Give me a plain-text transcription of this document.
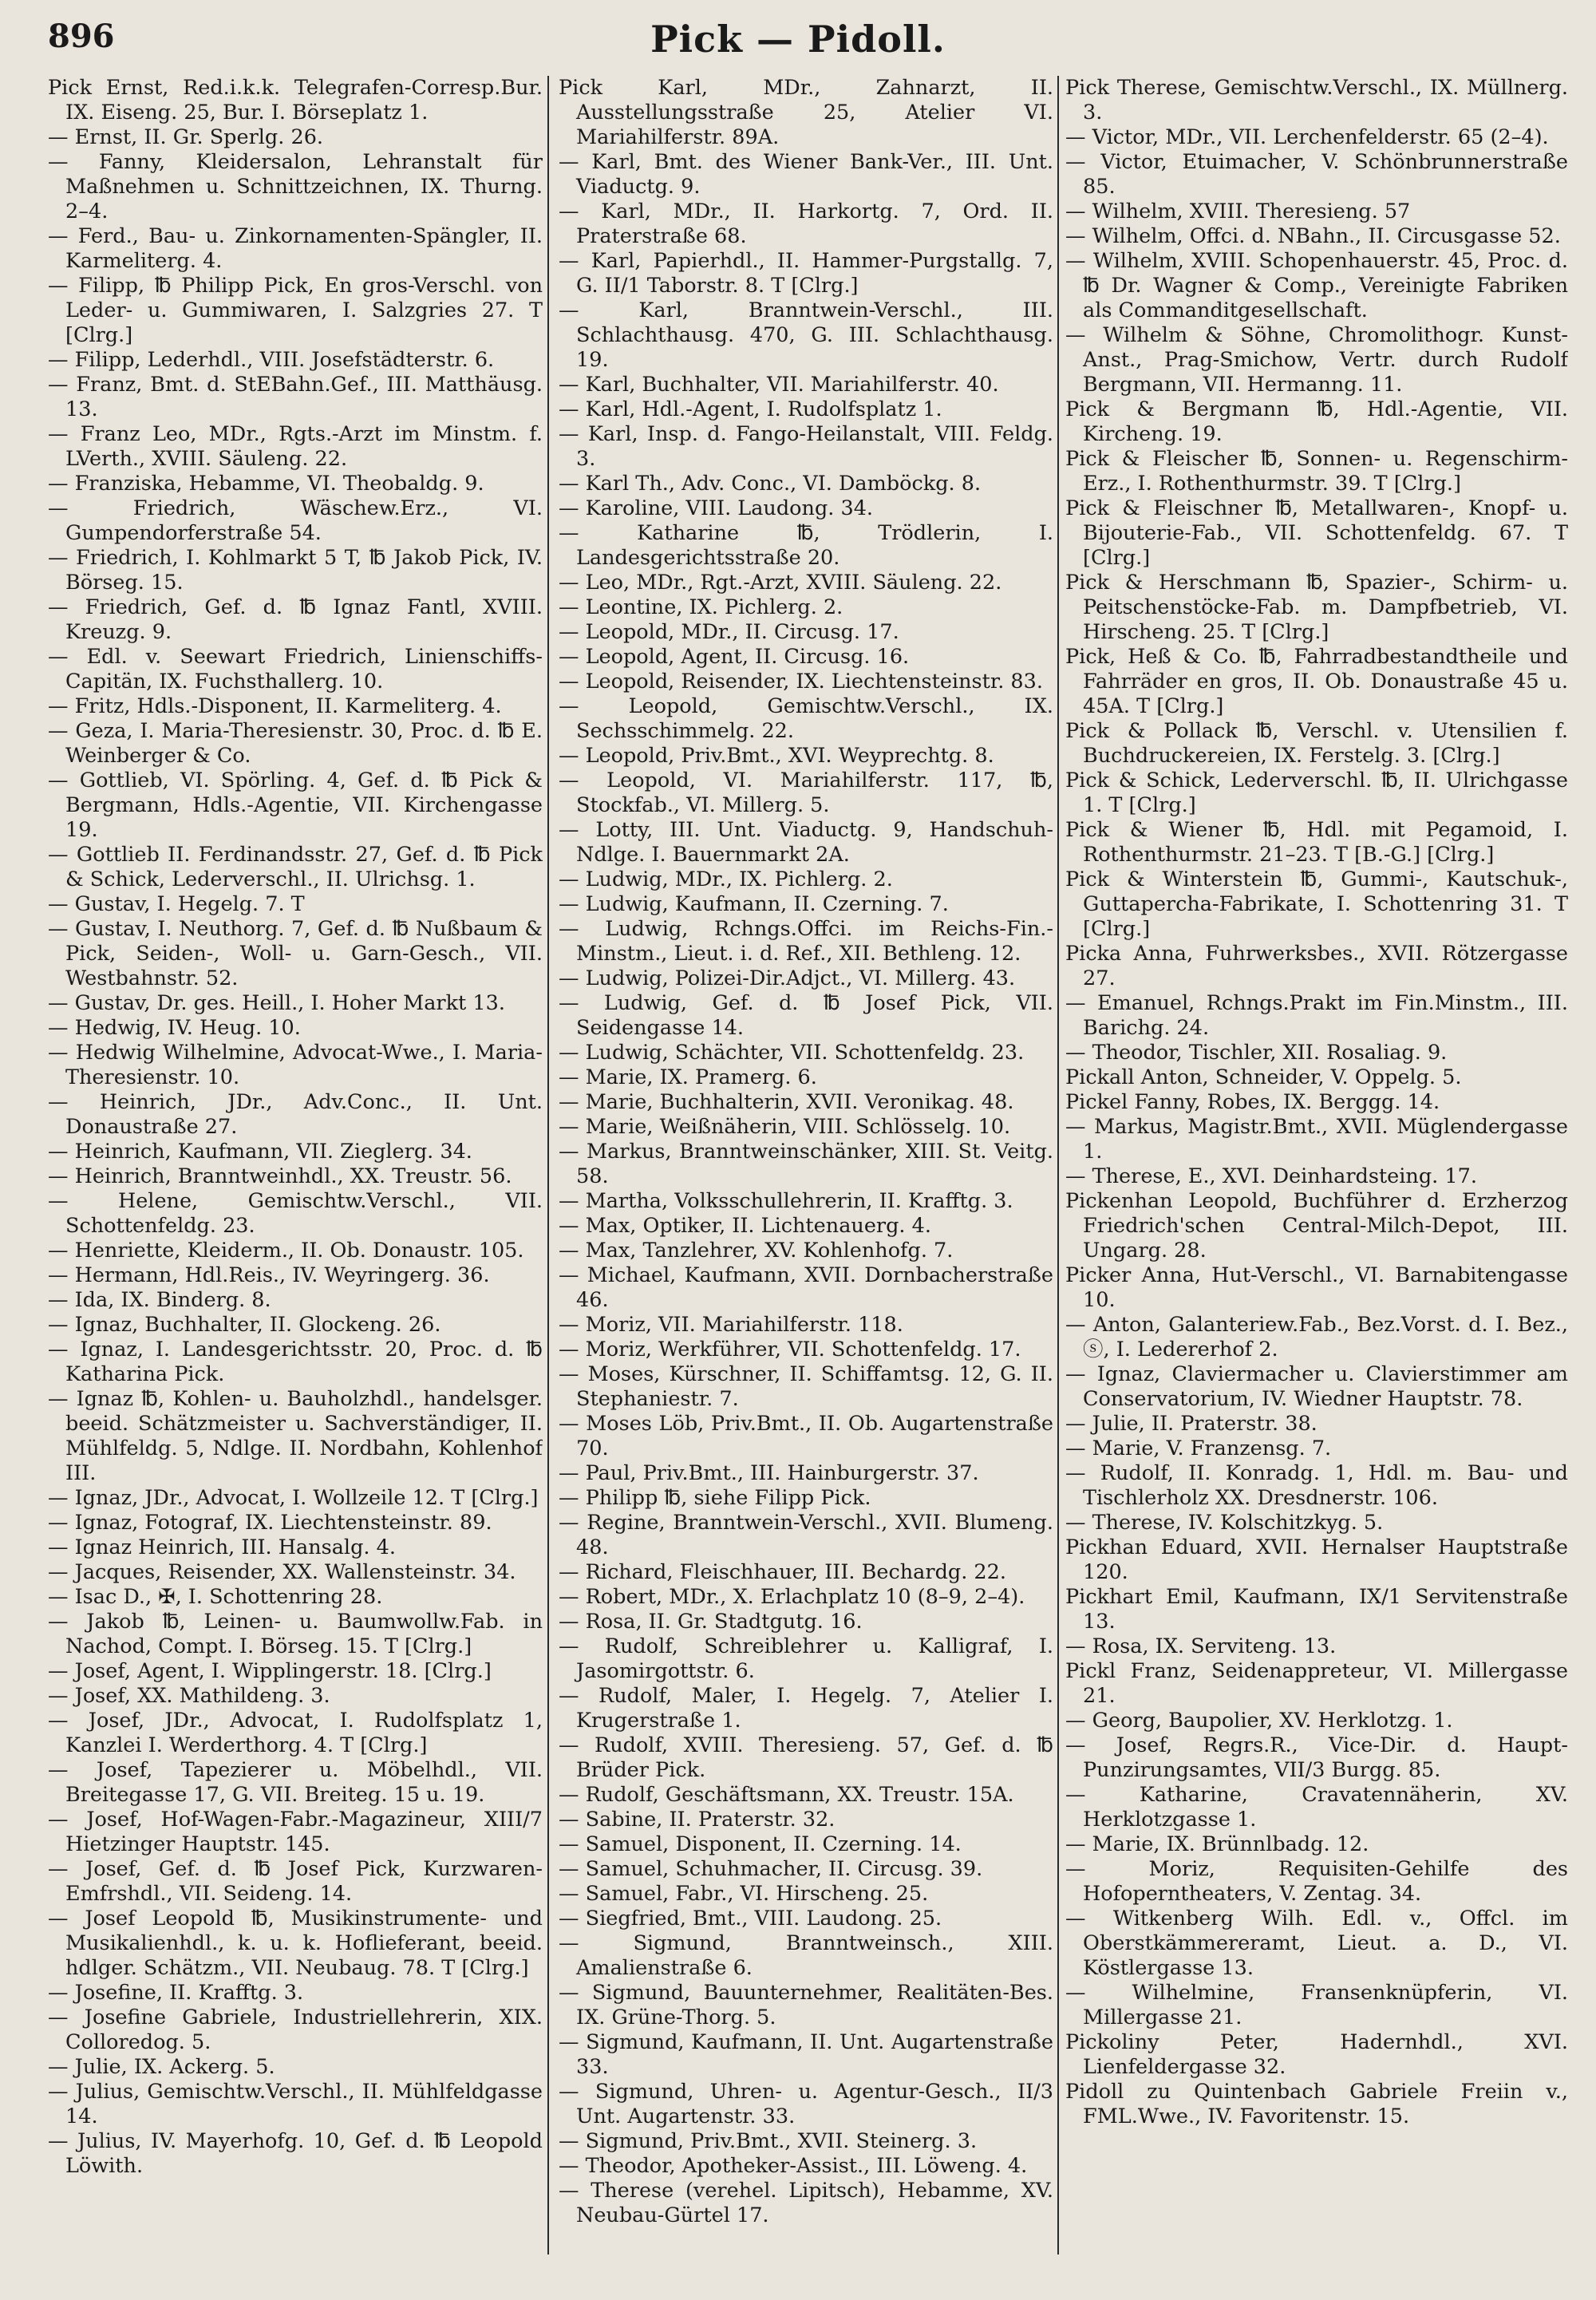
896	Pick — Pidoll.

Pick Ernst, Red.i.k.k. Telegrafen-Corresp.Bur. IX. Eiseng. 25, Bur. I. Börseplatz 1.

— Ernst, II. Gr. Sperlg. 26.

— Fanny, Kleidersalon, Lehranstalt für Maßnehmen u. Schnittzeichnen, IX. Thurng. 2–4.

— Ferd., Bau- u. Zinkornamenten-Spängler, II. Karmeliterg. 4.

— Filipp, ℔ Philipp Pick, En gros-Verschl. von Leder- u. Gummiwaren, I. Salzgries 27. T [Clrg.]

— Filipp, Lederhdl., VIII. Josefstädterstr. 6.

— Franz, Bmt. d. StEBahn.Gef., III. Matthäusg. 13.

— Franz Leo, MDr., Rgts.-Arzt im Minstm. f. LVerth., XVIII. Säuleng. 22.

— Franziska, Hebamme, VI. Theobaldg. 9.

— Friedrich, Wäschew.Erz., VI. Gumpendorferstraße 54.

— Friedrich, I. Kohlmarkt 5 T, ℔ Jakob Pick, IV. Börseg. 15.

— Friedrich, Gef. d. ℔ Ignaz Fantl, XVIII. Kreuzg. 9.

— Edl. v. Seewart Friedrich, Linienschiffs-Capitän, IX. Fuchsthallerg. 10.

— Fritz, Hdls.-Disponent, II. Karmeliterg. 4.

— Geza, I. Maria-Theresienstr. 30, Proc. d. ℔ E. Weinberger & Co.

— Gottlieb, VI. Spörling. 4, Gef. d. ℔ Pick & Bergmann, Hdls.-Agentie, VII. Kirchengasse 19.

— Gottlieb II. Ferdinandsstr. 27, Gef. d. ℔ Pick & Schick, Lederverschl., II. Ulrichsg. 1.

— Gustav, I. Hegelg. 7. T

— Gustav, I. Neuthorg. 7, Gef. d. ℔ Nußbaum & Pick, Seiden-, Woll- u. Garn-Gesch., VII. Westbahnstr. 52.

— Gustav, Dr. ges. Heill., I. Hoher Markt 13.

— Hedwig, IV. Heug. 10.

— Hedwig Wilhelmine, Advocat-Wwe., I. Maria-Theresienstr. 10.

— Heinrich, JDr., Adv.Conc., II. Unt. Donaustraße 27.

— Heinrich, Kaufmann, VII. Zieglerg. 34.

— Heinrich, Branntweinhdl., XX. Treustr. 56.

— Helene, Gemischtw.Verschl., VII. Schottenfeldg. 23.

— Henriette, Kleiderm., II. Ob. Donaustr. 105.

— Hermann, Hdl.Reis., IV. Weyringerg. 36.

— Ida, IX. Binderg. 8.

— Ignaz, Buchhalter, II. Glockeng. 26.

— Ignaz, I. Landesgerichtsstr. 20, Proc. d. ℔ Katharina Pick.

— Ignaz ℔, Kohlen- u. Bauholzhdl., handelsger. beeid. Schätzmeister u. Sachverständiger, II. Mühlfeldg. 5, Ndlge. II. Nordbahn, Kohlenhof III.

— Ignaz, JDr., Advocat, I. Wollzeile 12. T [Clrg.]

— Ignaz, Fotograf, IX. Liechtensteinstr. 89.

— Ignaz Heinrich, III. Hansalg. 4.

— Jacques, Reisender, XX. Wallensteinstr. 34.

— Isac D., ✠, I. Schottenring 28.

— Jakob ℔, Leinen- u. Baumwollw.Fab. in Nachod, Compt. I. Börseg. 15. T [Clrg.]

— Josef, Agent, I. Wipplingerstr. 18. [Clrg.]

— Josef, XX. Mathildeng. 3.

— Josef, JDr., Advocat, I. Rudolfsplatz 1, Kanzlei I. Werderthorg. 4. T [Clrg.]

— Josef, Tapezierer u. Möbelhdl., VII. Breitegasse 17, G. VII. Breiteg. 15 u. 19.

— Josef, Hof-Wagen-Fabr.-Magazineur, XIII/7 Hietzinger Hauptstr. 145.

— Josef, Gef. d. ℔ Josef Pick, Kurzwaren-Emfrshdl., VII. Seideng. 14.

— Josef Leopold ℔, Musikinstrumente- und Musikalienhdl., k. u. k. Hoflieferant, beeid. hdlger. Schätzm., VII. Neubaug. 78. T [Clrg.]

— Josefine, II. Krafftg. 3.

— Josefine Gabriele, Industriellehrerin, XIX. Colloredog. 5.

— Julie, IX. Ackerg. 5.

— Julius, Gemischtw.Verschl., II. Mühlfeldgasse 14.

— Julius, IV. Mayerhofg. 10, Gef. d. ℔ Leopold Löwith.

Pick Karl, MDr., Zahnarzt, II. Ausstellungsstraße 25, Atelier VI. Mariahilferstr. 89A.

— Karl, Bmt. des Wiener Bank-Ver., III. Unt. Viaductg. 9.

— Karl, MDr., II. Harkortg. 7, Ord. II. Praterstraße 68.

— Karl, Papierhdl., II. Hammer-Purgstallg. 7, G. II/1 Taborstr. 8. T [Clrg.]

— Karl, Branntwein-Verschl., III. Schlachthausg. 470, G. III. Schlachthausg. 19.

— Karl, Buchhalter, VII. Mariahilferstr. 40.

— Karl, Hdl.-Agent, I. Rudolfsplatz 1.

— Karl, Insp. d. Fango-Heilanstalt, VIII. Feldg. 3.

— Karl Th., Adv. Conc., VI. Damböckg. 8.

— Karoline, VIII. Laudong. 34.

— Katharine ℔, Trödlerin, I. Landesgerichtsstraße 20.

— Leo, MDr., Rgt.-Arzt, XVIII. Säuleng. 22.

— Leontine, IX. Pichlerg. 2.

— Leopold, MDr., II. Circusg. 17.

— Leopold, Agent, II. Circusg. 16.

— Leopold, Reisender, IX. Liechtensteinstr. 83.

— Leopold, Gemischtw.Verschl., IX. Sechsschimmelg. 22.

— Leopold, Priv.Bmt., XVI. Weyprechtg. 8.

— Leopold, VI. Mariahilferstr. 117, ℔, Stockfab., VI. Millerg. 5.

— Lotty, III. Unt. Viaductg. 9, Handschuh-Ndlge. I. Bauernmarkt 2A.

— Ludwig, MDr., IX. Pichlerg. 2.

— Ludwig, Kaufmann, II. Czerning. 7.

— Ludwig, Rchngs.Offci. im Reichs-Fin.-Minstm., Lieut. i. d. Ref., XII. Bethleng. 12.

— Ludwig, Polizei-Dir.Adjct., VI. Millerg. 43.

— Ludwig, Gef. d. ℔ Josef Pick, VII. Seidengasse 14.

— Ludwig, Schächter, VII. Schottenfeldg. 23.

— Marie, IX. Pramerg. 6.

— Marie, Buchhalterin, XVII. Veronikag. 48.

— Marie, Weißnäherin, VIII. Schlösselg. 10.

— Markus, Branntweinschänker, XIII. St. Veitg. 58.

— Martha, Volksschullehrerin, II. Krafftg. 3.

— Max, Optiker, II. Lichtenauerg. 4.

— Max, Tanzlehrer, XV. Kohlenhofg. 7.

— Michael, Kaufmann, XVII. Dornbacherstraße 46.

— Moriz, VII. Mariahilferstr. 118.

— Moriz, Werkführer, VII. Schottenfeldg. 17.

— Moses, Kürschner, II. Schiffamtsg. 12, G. II. Stephaniestr. 7.

— Moses Löb, Priv.Bmt., II. Ob. Augartenstraße 70.

— Paul, Priv.Bmt., III. Hainburgerstr. 37.

— Philipp ℔, siehe Filipp Pick.

— Regine, Branntwein-Verschl., XVII. Blumeng. 48.

— Richard, Fleischhauer, III. Bechardg. 22.

— Robert, MDr., X. Erlachplatz 10 (8–9, 2–4).

— Rosa, II. Gr. Stadtgutg. 16.

— Rudolf, Schreiblehrer u. Kalligraf, I. Jasomirgottstr. 6.

— Rudolf, Maler, I. Hegelg. 7, Atelier I. Krugerstraße 1.

— Rudolf, XVIII. Theresieng. 57, Gef. d. ℔ Brüder Pick.

— Rudolf, Geschäftsmann, XX. Treustr. 15A.

— Sabine, II. Praterstr. 32.

— Samuel, Disponent, II. Czerning. 14.

— Samuel, Schuhmacher, II. Circusg. 39.

— Samuel, Fabr., VI. Hirscheng. 25.

— Siegfried, Bmt., VIII. Laudong. 25.

— Sigmund, Branntweinsch., XIII. Amalienstraße 6.

— Sigmund, Bauunternehmer, Realitäten-Bes. IX. Grüne-Thorg. 5.

— Sigmund, Kaufmann, II. Unt. Augartenstraße 33.

— Sigmund, Uhren- u. Agentur-Gesch., II/3 Unt. Augartenstr. 33.

— Sigmund, Priv.Bmt., XVII. Steinerg. 3.

— Theodor, Apotheker-Assist., III. Löweng. 4.

— Therese (verehel. Lipitsch), Hebamme, XV. Neubau-Gürtel 17.

Pick Therese, Gemischtw.Verschl., IX. Müllnerg. 3.

— Victor, MDr., VII. Lerchenfelderstr. 65 (2–4).

— Victor, Etuimacher, V. Schönbrunnerstraße 85.

— Wilhelm, XVIII. Theresieng. 57

— Wilhelm, Offci. d. NBahn., II. Circusgasse 52.

— Wilhelm, XVIII. Schopenhauerstr. 45, Proc. d. ℔ Dr. Wagner & Comp., Vereinigte Fabriken als Commanditgesellschaft.

— Wilhelm & Söhne, Chromolithogr. Kunst-Anst., Prag-Smichow, Vertr. durch Rudolf Bergmann, VII. Hermanng. 11.

Pick & Bergmann ℔, Hdl.-Agentie, VII. Kircheng. 19.

Pick & Fleischer ℔, Sonnen- u. Regenschirm-Erz., I. Rothenthurmstr. 39. T [Clrg.]

Pick & Fleischner ℔, Metallwaren-, Knopf- u. Bijouterie-Fab., VII. Schottenfeldg. 67. T [Clrg.]

Pick & Herschmann ℔, Spazier-, Schirm- u. Peitschenstöcke-Fab. m. Dampfbetrieb, VI. Hirscheng. 25. T [Clrg.]

Pick, Heß & Co. ℔, Fahrradbestandtheile und Fahrräder en gros, II. Ob. Donaustraße 45 u. 45A. T [Clrg.]

Pick & Pollack ℔, Verschl. v. Utensilien f. Buchdruckereien, IX. Ferstelg. 3. [Clrg.]

Pick & Schick, Lederverschl. ℔, II. Ulrichgasse 1. T [Clrg.]

Pick & Wiener ℔, Hdl. mit Pegamoid, I. Rothenthurmstr. 21–23. T [B.-G.] [Clrg.]

Pick & Winterstein ℔, Gummi-, Kautschuk-, Guttapercha-Fabrikate, I. Schottenring 31. T [Clrg.]

Picka Anna, Fuhrwerksbes., XVII. Rötzergasse 27.

— Emanuel, Rchngs.Prakt im Fin.Minstm., III. Barichg. 24.

— Theodor, Tischler, XII. Rosaliag. 9.

Pickall Anton, Schneider, V. Oppelg. 5.

Pickel Fanny, Robes, IX. Berggg. 14.

— Markus, Magistr.Bmt., XVII. Müglendergasse 1.

— Therese, E., XVI. Deinhardsteing. 17.

Pickenhan Leopold, Buchführer d. Erzherzog Friedrich'schen Central-Milch-Depot, III. Ungarg. 28.

Picker Anna, Hut-Verschl., VI. Barnabitengasse 10.

— Anton, Galanteriew.Fab., Bez.Vorst. d. I. Bez., ⓢ, I. Ledererhof 2.

— Ignaz, Claviermacher u. Clavierstimmer am Conservatorium, IV. Wiedner Hauptstr. 78.

— Julie, II. Praterstr. 38.

— Marie, V. Franzensg. 7.

— Rudolf, II. Konradg. 1, Hdl. m. Bau- und Tischlerholz XX. Dresdnerstr. 106.

— Therese, IV. Kolschitzkyg. 5.

Pickhan Eduard, XVII. Hernalser Hauptstraße 120.

Pickhart Emil, Kaufmann, IX/1 Servitenstraße 13.

— Rosa, IX. Serviteng. 13.

Pickl Franz, Seidenappreteur, VI. Millergasse 21.

— Georg, Baupolier, XV. Herklotzg. 1.

— Josef, Regrs.R., Vice-Dir. d. Haupt-Punzirungsamtes, VII/3 Burgg. 85.

— Katharine, Cravatennäherin, XV. Herklotzgasse 1.

— Marie, IX. Brünnlbadg. 12.

— Moriz, Requisiten-Gehilfe des Hofoperntheaters, V. Zentag. 34.

— Witkenberg Wilh. Edl. v., Offcl. im Oberstkämmereramt, Lieut. a. D., VI. Köstlergasse 13.

— Wilhelmine, Fransenknüpferin, VI. Millergasse 21.

Pickoliny Peter, Hadernhdl., XVI. Lienfeldergasse 32.

Pidoll zu Quintenbach Gabriele Freiin v., FML.Wwe., IV. Favoritenstr. 15.
